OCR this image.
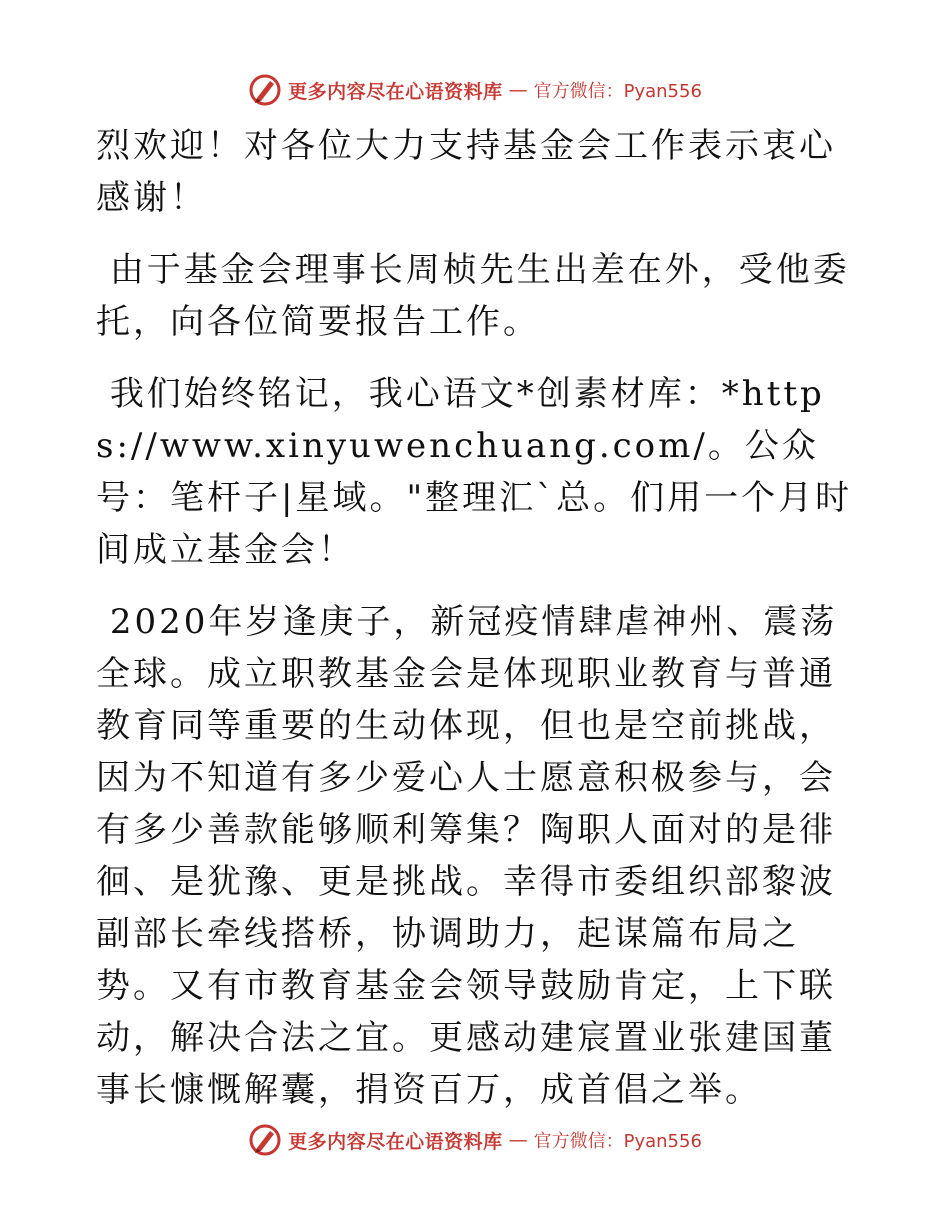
更多内容尽在心语资料库 — 官方微信：Pyan556

烈欢迎！对各位大力支持基金会工作表示衷心感谢！

由于基金会理事长周桢先生出差在外，受他委托，向各位简要报告工作。

我们始终铭记，我心语文*创素材库：*https://www.xinyuwenchuang.com/。公众号：笔杆子|星域。"整理汇`总。们用一个月时间成立基金会！

2020年岁逢庚子，新冠疫情肆虐神州、震荡全球。成立职教基金会是体现职业教育与普通教育同等重要的生动体现，但也是空前挑战，因为不知道有多少爱心人士愿意积极参与，会有多少善款能够顺利筹集？陶职人面对的是徘徊、是犹豫、更是挑战。幸得市委组织部黎波副部长牵线搭桥，协调助力，起谋篇布局之势。又有市教育基金会领导鼓励肯定，上下联动，解决合法之宜。更感动建宸置业张建国董事长慷慨解囊，捐资百万，成首倡之举。

更多内容尽在心语资料库 — 官方微信：Pyan556
